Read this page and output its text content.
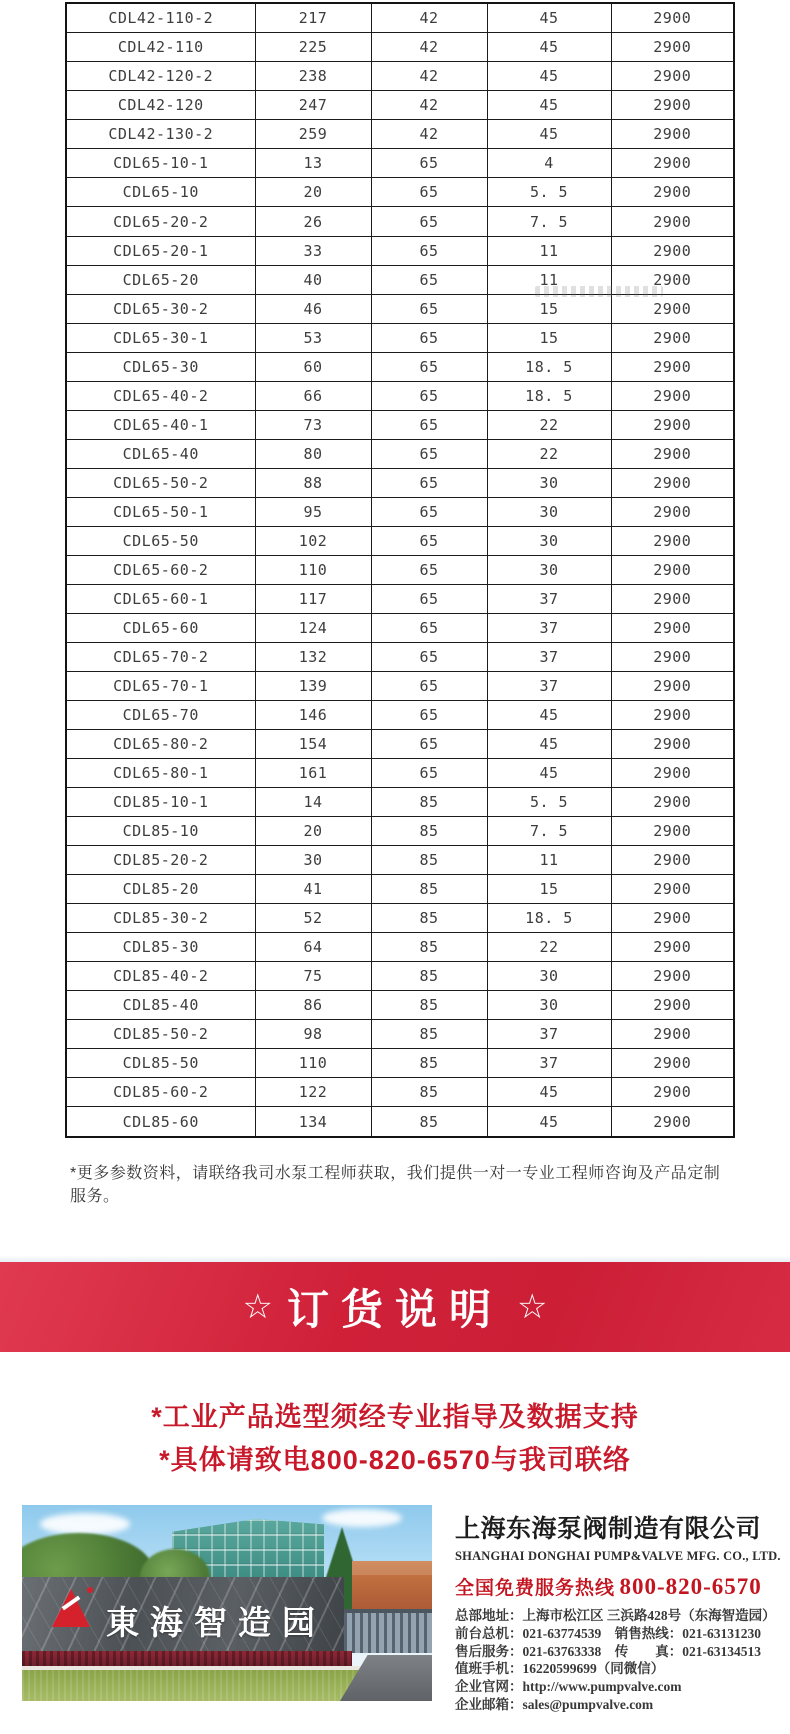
CDL42-110-2	217	42	45	2900
CDL42-110	225	42	45	2900
CDL42-120-2	238	42	45	2900
CDL42-120	247	42	45	2900
CDL42-130-2	259	42	45	2900
CDL65-10-1	13	65	4	2900
CDL65-10	20	65	5. 5	2900
CDL65-20-2	26	65	7. 5	2900
CDL65-20-1	33	65	11	2900
CDL65-20	40	65	11	2900
CDL65-30-2	46	65	15	2900
CDL65-30-1	53	65	15	2900
CDL65-30	60	65	18. 5	2900
CDL65-40-2	66	65	18. 5	2900
CDL65-40-1	73	65	22	2900
CDL65-40	80	65	22	2900
CDL65-50-2	88	65	30	2900
CDL65-50-1	95	65	30	2900
CDL65-50	102	65	30	2900
CDL65-60-2	110	65	30	2900
CDL65-60-1	117	65	37	2900
CDL65-60	124	65	37	2900
CDL65-70-2	132	65	37	2900
CDL65-70-1	139	65	37	2900
CDL65-70	146	65	45	2900
CDL65-80-2	154	65	45	2900
CDL65-80-1	161	65	45	2900
CDL85-10-1	14	85	5. 5	2900
CDL85-10	20	85	7. 5	2900
CDL85-20-2	30	85	11	2900
CDL85-20	41	85	15	2900
CDL85-30-2	52	85	18. 5	2900
CDL85-30	64	85	22	2900
CDL85-40-2	75	85	30	2900
CDL85-40	86	85	30	2900
CDL85-50-2	98	85	37	2900
CDL85-50	110	85	37	2900
CDL85-60-2	122	85	45	2900
CDL85-60	134	85	45	2900
*更多参数资料，请联络我司水泵工程师获取，我们提供一对一专业工程师咨询及产品定制服务。
☆ 订货说明 ☆
*工业产品选型须经专业指导及数据支持
*具体请致电800-820-6570与我司联络
東海智造园
上海东海泵阀制造有限公司
SHANGHAI DONGHAI PUMP&VALVE MFG. CO., LTD.
全国免费服务热线 800-820-6570
总部地址：上海市松江区 三浜路428号（东海智造园）
前台总机：021-63774539　销售热线：021-63131230
售后服务：021-63763338　传　　真：021-63134513
值班手机：16220599699（同微信）
企业官网：http://www.pumpvalve.com
企业邮箱：sales@pumpvalve.com
